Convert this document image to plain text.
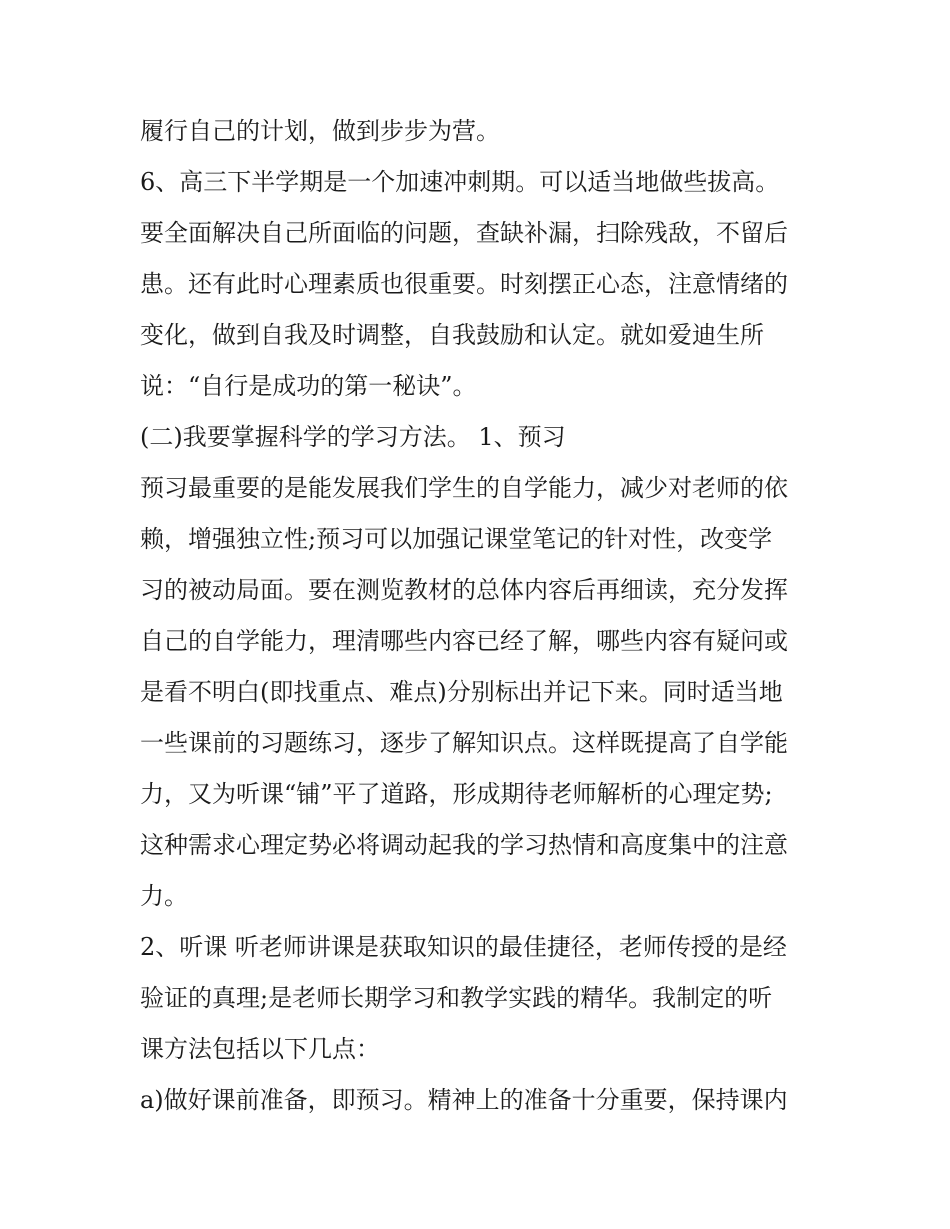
履行自己的计划，做到步步为营。
6、高三下半学期是一个加速冲刺期。可以适当地做些拔高。
要全面解决自己所面临的问题，查缺补漏，扫除残敌，不留后
患。还有此时心理素质也很重要。时刻摆正心态，注意情绪的
变化，做到自我及时调整，自我鼓励和认定。就如爱迪生所
说：“自行是成功的第一秘诀”。
(二)我要掌握科学的学习方法。 1、预习
预习最重要的是能发展我们学生的自学能力，减少对老师的依
赖，增强独立性;预习可以加强记课堂笔记的针对性，改变学
习的被动局面。要在测览教材的总体内容后再细读，充分发挥
自己的自学能力，理清哪些内容已经了解，哪些内容有疑问或
是看不明白(即找重点、难点)分别标出并记下来。同时适当地
一些课前的习题练习，逐步了解知识点。这样既提高了自学能
力，又为听课“铺”平了道路，形成期待老师解析的心理定势;
这种需求心理定势必将调动起我的学习热情和高度集中的注意
力。
2、听课 听老师讲课是获取知识的最佳捷径，老师传授的是经
验证的真理;是老师长期学习和教学实践的精华。我制定的听
课方法包括以下几点：
a)做好课前准备，即预习。精神上的准备十分重要，保持课内
